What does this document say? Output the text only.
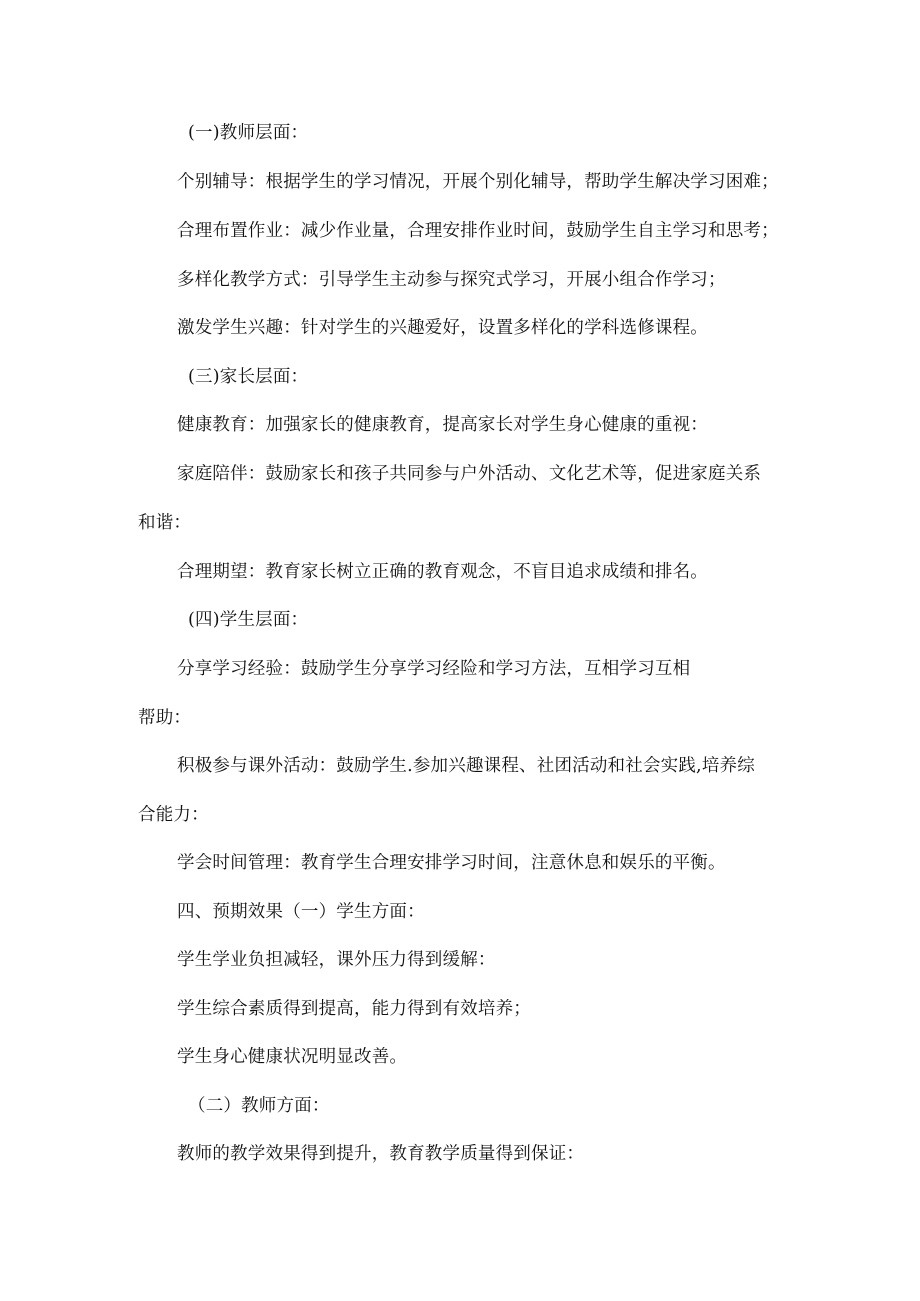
(一)教师层面：
个别辅导：根据学生的学习情况，开展个别化辅导，帮助学生解决学习困难；
合理布置作业：减少作业量，合理安排作业时间，鼓励学生自主学习和思考；
多样化教学方式：引导学生主动参与探究式学习，开展小组合作学习；
激发学生兴趣：针对学生的兴趣爱好，设置多样化的学科选修课程。
(三)家长层面：
健康教育：加强家长的健康教育，提高家长对学生身心健康的重视：
家庭陪伴：鼓励家长和孩子共同参与户外活动、文化艺术等，促进家庭关系
和谐：
合理期望：教育家长树立正确的教育观念，不盲目追求成绩和排名。
(四)学生层面：
分享学习经验：鼓励学生分享学习经险和学习方法，互相学习互相
帮助：
积极参与课外活动：鼓励学生.参加兴趣课程、社团活动和社会实践,培养综
合能力：
学会时间管理：教育学生合理安排学习时间，注意休息和娱乐的平衡。
四、预期效果（一）学生方面：
学生学业负担减轻，课外压力得到缓解：
学生综合素质得到提高，能力得到有效培养；
学生身心健康状况明显改善。
（二）教师方面：
教师的教学效果得到提升，教育教学质量得到保证：
